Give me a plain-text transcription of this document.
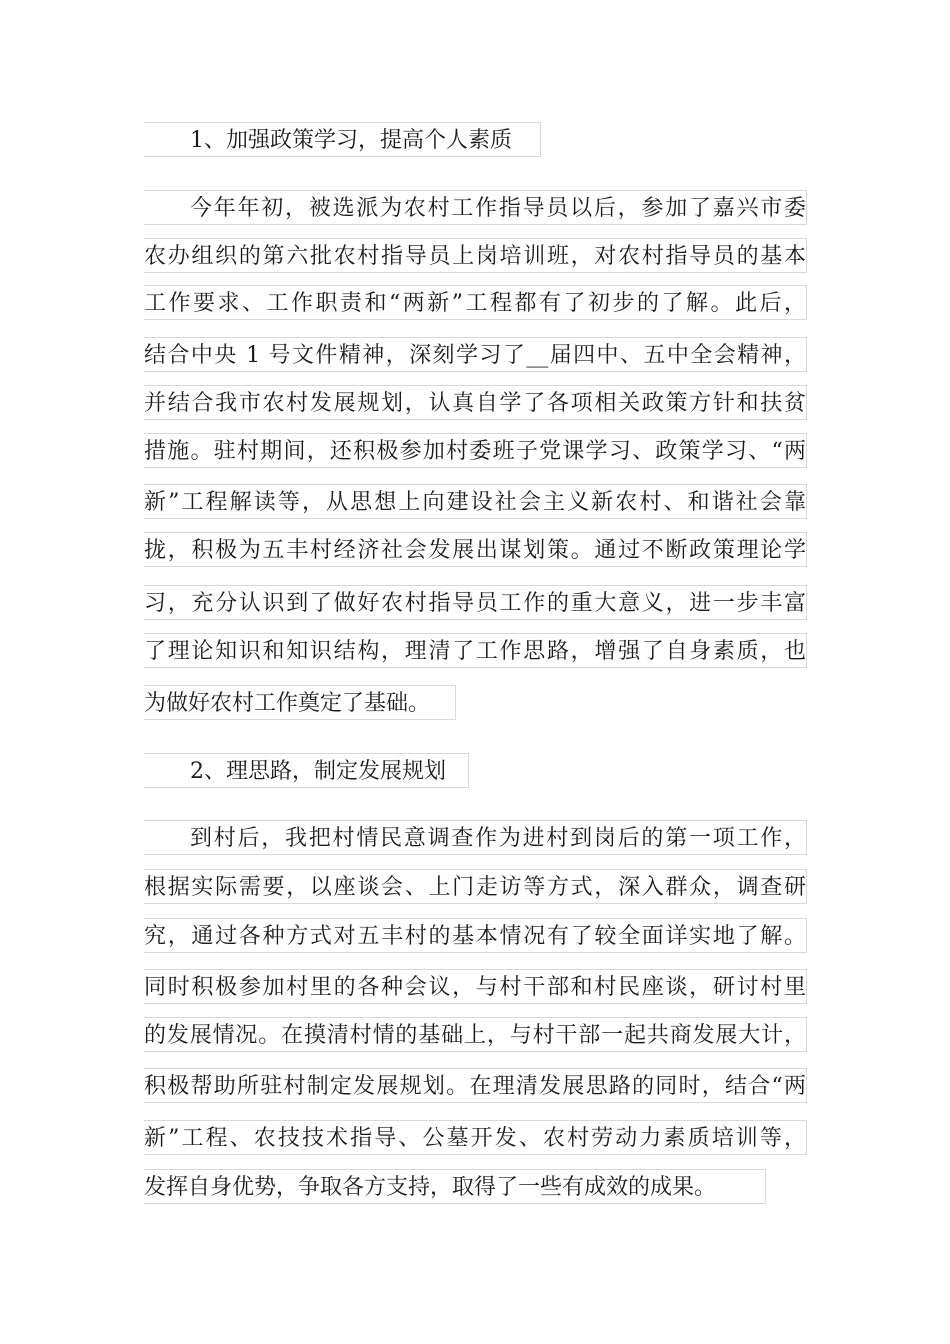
1、加强政策学习，提高个人素质
今年年初，被选派为农村工作指导员以后，参加了嘉兴市委
农办组织的第六批农村指导员上岗培训班，对农村指导员的基本
工作要求、工作职责和“两新”工程都有了初步的了解。此后，
结合中央 1 号文件精神，深刻学习了__届四中、五中全会精神，
并结合我市农村发展规划，认真自学了各项相关政策方针和扶贫
措施。驻村期间，还积极参加村委班子党课学习、政策学习、“两
新”工程解读等，从思想上向建设社会主义新农村、和谐社会靠
拢，积极为五丰村经济社会发展出谋划策。通过不断政策理论学
习，充分认识到了做好农村指导员工作的重大意义，进一步丰富
了理论知识和知识结构，理清了工作思路，增强了自身素质，也
为做好农村工作奠定了基础。
2、理思路，制定发展规划
到村后，我把村情民意调查作为进村到岗后的第一项工作，
根据实际需要，以座谈会、上门走访等方式，深入群众，调查研
究，通过各种方式对五丰村的基本情况有了较全面详实地了解。
同时积极参加村里的各种会议，与村干部和村民座谈，研讨村里
的发展情况。在摸清村情的基础上，与村干部一起共商发展大计，
积极帮助所驻村制定发展规划。在理清发展思路的同时，结合“两
新”工程、农技技术指导、公墓开发、农村劳动力素质培训等，
发挥自身优势，争取各方支持，取得了一些有成效的成果。
